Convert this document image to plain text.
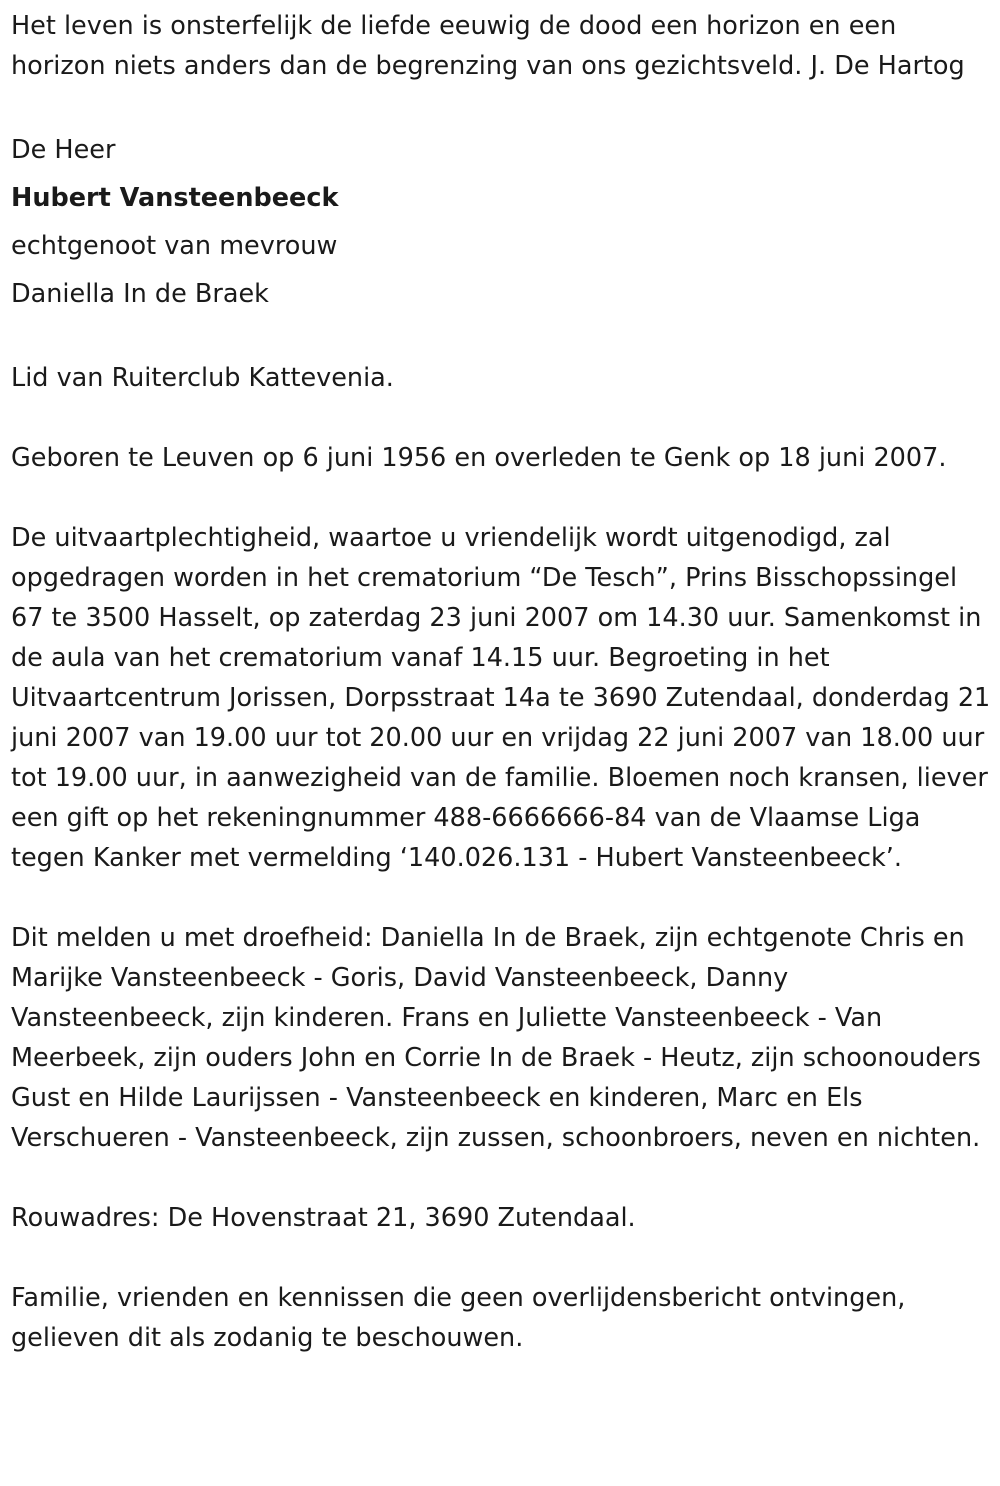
Het leven is onsterfelijk de liefde eeuwig de dood een horizon en een horizon niets anders dan de begrenzing van ons gezichtsveld. J. De Hartog

De Heer

Hubert Vansteenbeeck

echtgenoot van mevrouw

Daniella In de Braek

Lid van Ruiterclub Kattevenia.

Geboren te Leuven op 6 juni 1956 en overleden te Genk op 18 juni 2007.

De uitvaartplechtigheid, waartoe u vriendelijk wordt uitgenodigd, zal opgedragen worden in het crematorium “De Tesch”, Prins Bisschopssingel 67 te 3500 Hasselt, op zaterdag 23 juni 2007 om 14.30 uur. Samenkomst in de aula van het crematorium vanaf 14.15 uur. Begroeting in het Uitvaartcentrum Jorissen, Dorpsstraat 14a te 3690 Zutendaal, donderdag 21 juni 2007 van 19.00 uur tot 20.00 uur en vrijdag 22 juni 2007 van 18.00 uur tot 19.00 uur, in aanwezigheid van de familie. Bloemen noch kransen, liever een gift op het rekeningnummer 488-6666666-84 van de Vlaamse Liga tegen Kanker met vermelding ‘140.026.131 - Hubert Vansteenbeeck’.

Dit melden u met droefheid: Daniella In de Braek, zijn echtgenote Chris en Marijke Vansteenbeeck - Goris, David Vansteenbeeck, Danny Vansteenbeeck, zijn kinderen. Frans en Juliette Vansteenbeeck - Van Meerbeek, zijn ouders John en Corrie In de Braek - Heutz, zijn schoonouders Gust en Hilde Laurijssen - Vansteenbeeck en kinderen, Marc en Els Verschueren - Vansteenbeeck, zijn zussen, schoonbroers, neven en nichten.

Rouwadres: De Hovenstraat 21, 3690 Zutendaal.

Familie, vrienden en kennissen die geen overlijdensbericht ontvingen, gelieven dit als zodanig te beschouwen.
